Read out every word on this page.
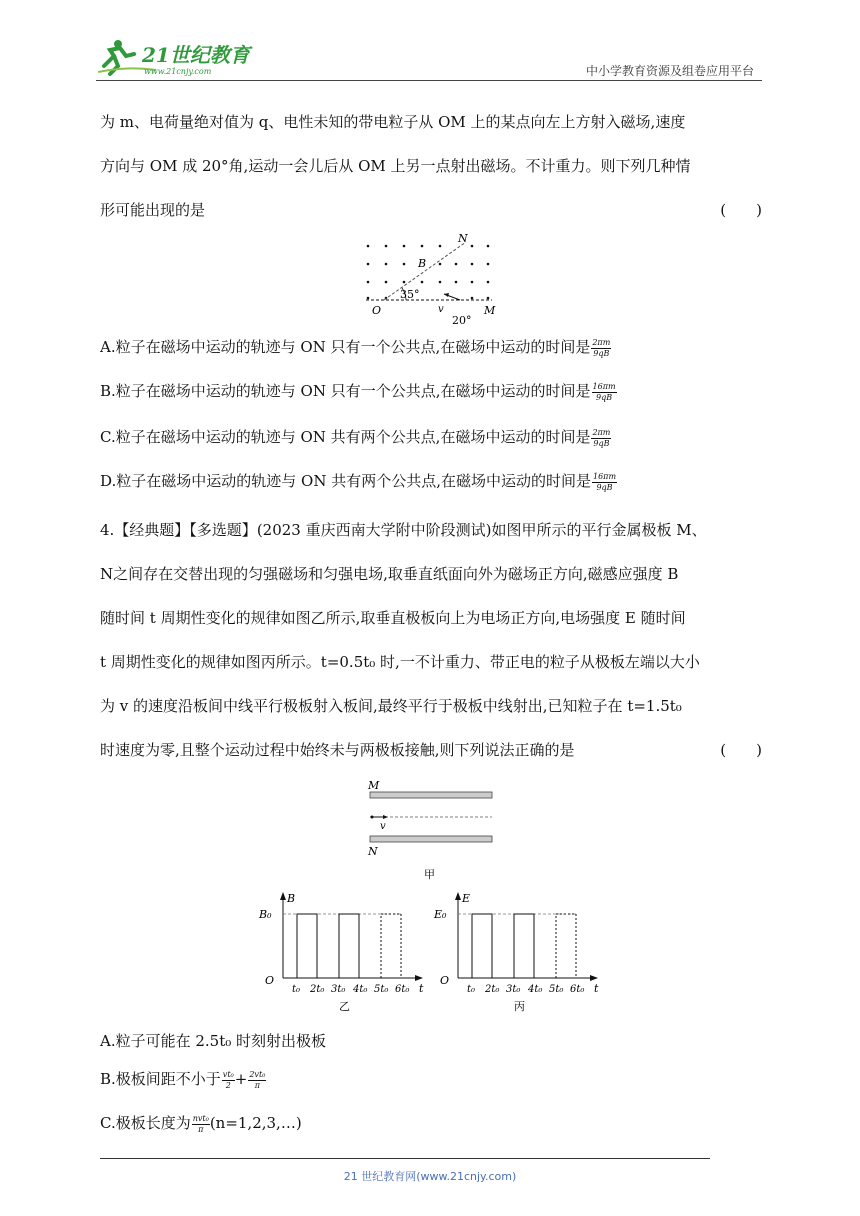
21世纪教育
www.21cnjy.com	中小学教育资源及组卷应用平台
为 m、电荷量绝对值为 q、电性未知的带电粒子从 OM 上的某点向左上方射入磁场,速度
方向与 OM 成 20°角,运动一会儿后从 OM 上另一点射出磁场。不计重力。则下列几种情
形可能出现的是	(　　)
N
B
O	M
v
35°
20°
A.粒子在磁场中运动的轨迹与 ON 只有一个公共点,在磁场中运动的时间是 $\frac{2\pi m}{9qB}$
B.粒子在磁场中运动的轨迹与 ON 只有一个公共点,在磁场中运动的时间是 $\frac{16\pi m}{9qB}$
C.粒子在磁场中运动的轨迹与 ON 共有两个公共点,在磁场中运动的时间是 $\frac{2\pi m}{9qB}$
D.粒子在磁场中运动的轨迹与 ON 共有两个公共点,在磁场中运动的时间是 $\frac{16\pi m}{9qB}$
4.【经典题】【多选题】(2023 重庆西南大学附中阶段测试)如图甲所示的平行金属极板 M、
N之间存在交替出现的匀强磁场和匀强电场,取垂直纸面向外为磁场正方向,磁感应强度 B
随时间 t 周期性变化的规律如图乙所示,取垂直极板向上为电场正方向,电场强度 E 随时间
t 周期性变化的规律如图丙所示。t=0.5t₀ 时,一不计重力、带正电的粒子从极板左端以大小
为 v 的速度沿板间中线平行极板射入板间,最终平行于极板中线射出,已知粒子在 t=1.5t₀
时速度为零,且整个运动过程中始终未与两极板接触,则下列说法正确的是	(　　)
M
v
N
甲
B
B₀
O
t
t₀ 2t₀ 3t₀ 4t₀ 5t₀ 6t₀
乙
E
E₀
O
t
t₀ 2t₀ 3t₀ 4t₀ 5t₀ 6t₀
丙
A.粒子可能在 2.5t₀ 时刻射出极板
B.极板间距不小于 $\frac{\text{vt₀}}{2} + \frac{\text{2vt₀}}{\pi}$
C.极板长度为 $\frac{\text{nvt₀}}{\pi}$ (n=1,2,3,…)
21 世纪教育网(www.21cnjy.com)
